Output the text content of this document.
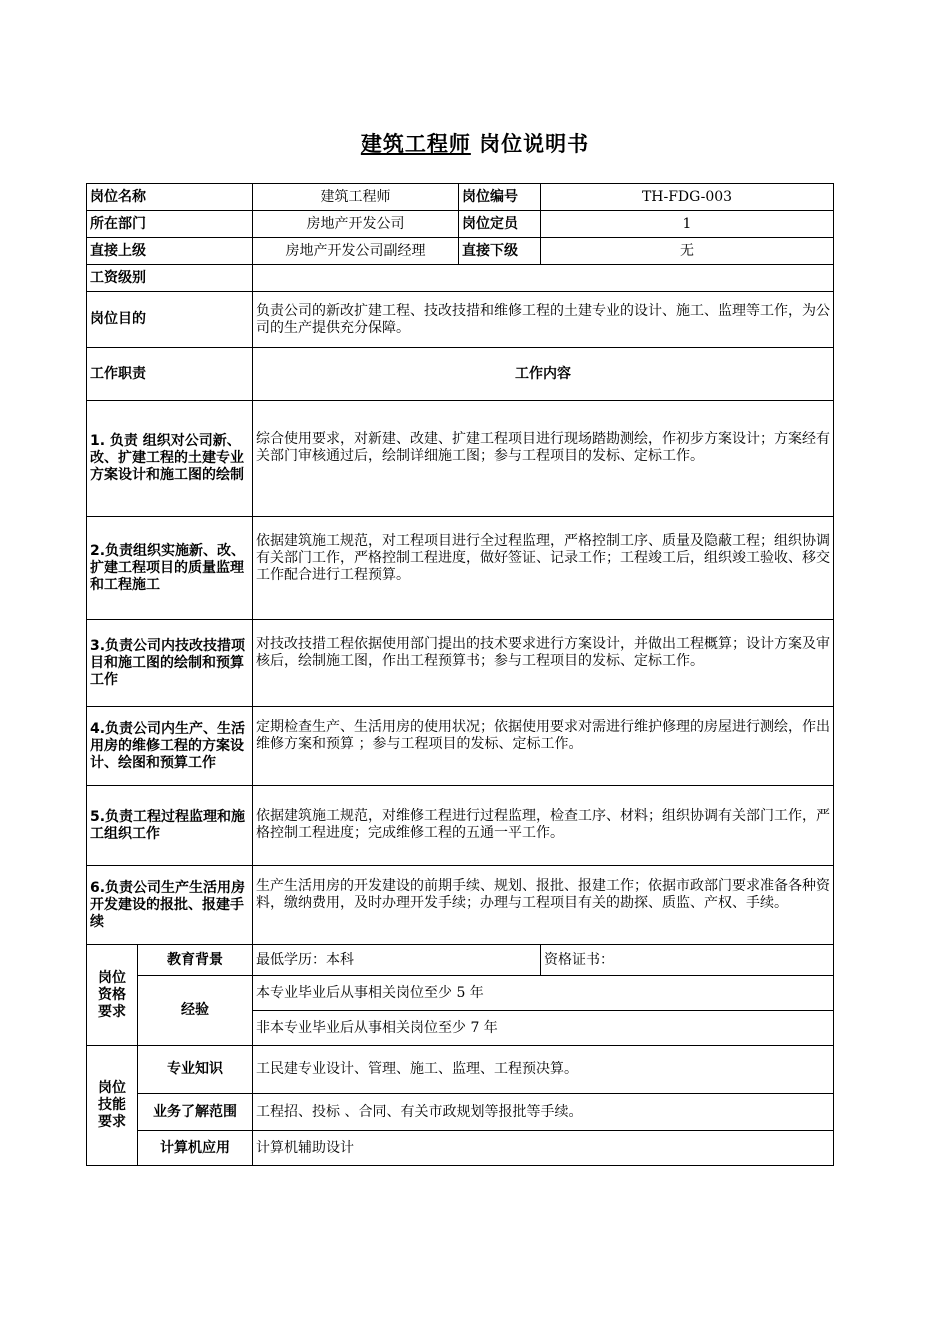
建筑工程师 岗位说明书
岗位名称		建筑工程师	岗位编号	TH-FDG-003
所在部门		房地产开发公司	岗位定员	1
直接上级		房地产开发公司副经理	直接下级	无
工资级别				
岗位目的		负责公司的新改扩建工程、技改技措和维修工程的土建专业的设计、施工、监理等工作，为公司的生产提供充分保障。		
工作职责		工作内容		
1. 负责 组织对公司新、改、扩建工程的土建专业方案设计和施工图的绘制		综合使用要求，对新建、改建、扩建工程项目进行现场踏勘测绘，作初步方案设计；方案经有关部门审核通过后，绘制详细施工图；参与工程项目的发标、定标工作。		
2.负责组织实施新、改、扩建工程项目的质量监理和工程施工		依据建筑施工规范，对工程项目进行全过程监理，严格控制工序、质量及隐蔽工程；组织协调有关部门工作，严格控制工程进度，做好签证、记录工作；工程竣工后，组织竣工验收、移交工作配合进行工程预算。		
3.负责公司内技改技措项目和施工图的绘制和预算工作		对技改技措工程依据使用部门提出的技术要求进行方案设计，并做出工程概算；设计方案及审核后，绘制施工图，作出工程预算书；参与工程项目的发标、定标工作。		
4.负责公司内生产、生活用房的维修工程的方案设计、绘图和预算工作		定期检查生产、生活用房的使用状况；依据使用要求对需进行维护修理的房屋进行测绘，作出维修方案和预算 ；参与工程项目的发标、定标工作。		
5.负责工程过程监理和施工组织工作		依据建筑施工规范，对维修工程进行过程监理，检查工序、材料；组织协调有关部门工作，严格控制工程进度；完成维修工程的五通一平工作。		
6.负责公司生产生活用房开发建设的报批、报建手续		生产生活用房的开发建设的前期手续、规划、报批、报建工作；依据市政部门要求准备各种资料，缴纳费用，及时办理开发手续；办理与工程项目有关的勘探、质监、产权、手续。		

岗位资格要求	教育背景	最低学历：本科		资格证书：
	经验	本专业毕业后从事相关岗位至少 5 年		
		非本专业毕业后从事相关岗位至少 7 年		

岗位技能要求	专业知识	工民建专业设计、管理、施工、监理、工程预决算。		
	业务了解范围	工程招、投标 、合同、有关市政规划等报批等手续。		
	计算机应用	计算机辅助设计		
